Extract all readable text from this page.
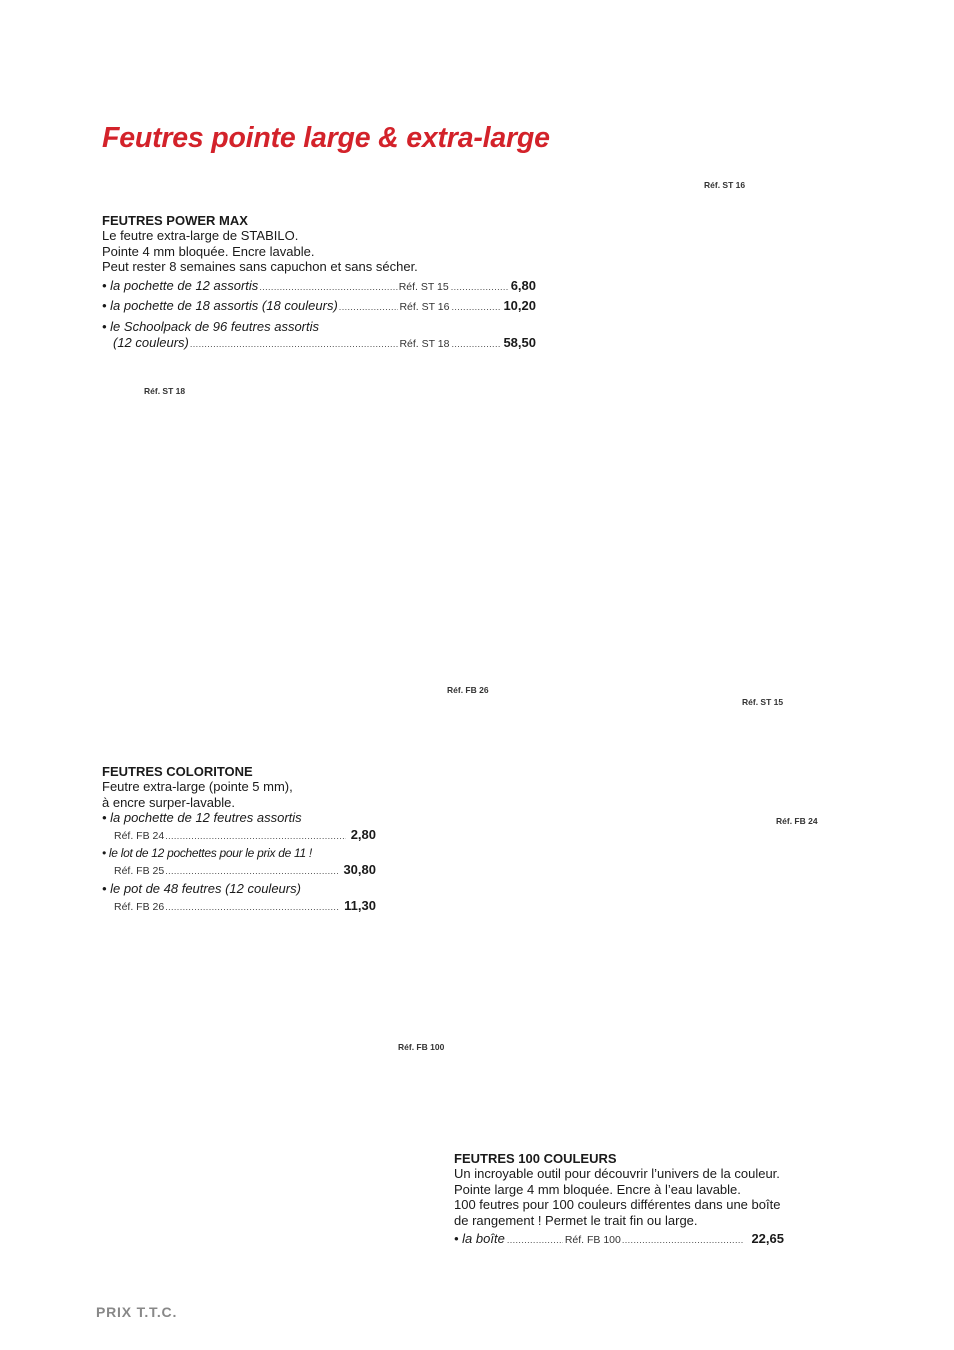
Feutres pointe large & extra-large
Réf. ST 16
Réf. ST 18
Réf. FB 26
Réf. ST 15
Réf. FB 24
Réf. FB 100
FEUTRES POWER MAX
Le feutre extra-large de STABILO.
Pointe 4 mm bloquée. Encre lavable.
Peut rester 8 semaines sans capuchon et sans sécher.
• la pochette de 12 assortis .....	Réf. ST 15 .....	6,80
• la pochette de 18 assortis (18 couleurs) .....	Réf. ST 16 .....	10,20
• le Schoolpack de 96 feutres assortis
(12 couleurs) .....	Réf. ST 18 .....	58,50
FEUTRES COLORITONE
Feutre extra-large (pointe 5 mm),
à encre surper-lavable.
• la pochette de 12 feutres assortis
Réf. FB 24 .....	2,80
• le lot de 12 pochettes pour le prix de 11 !
Réf. FB 25 .....	30,80
• le pot de 48 feutres (12 couleurs)
Réf. FB 26 .....	11,30
FEUTRES 100 COULEURS
Un incroyable outil pour découvrir l’univers de la couleur.
Pointe large 4 mm bloquée. Encre à l’eau lavable.
100 feutres pour 100 couleurs différentes dans une boîte
de rangement ! Permet le trait fin ou large.
• la boîte .....	Réf. FB 100 .....	22,65
PRIX T.T.C.
